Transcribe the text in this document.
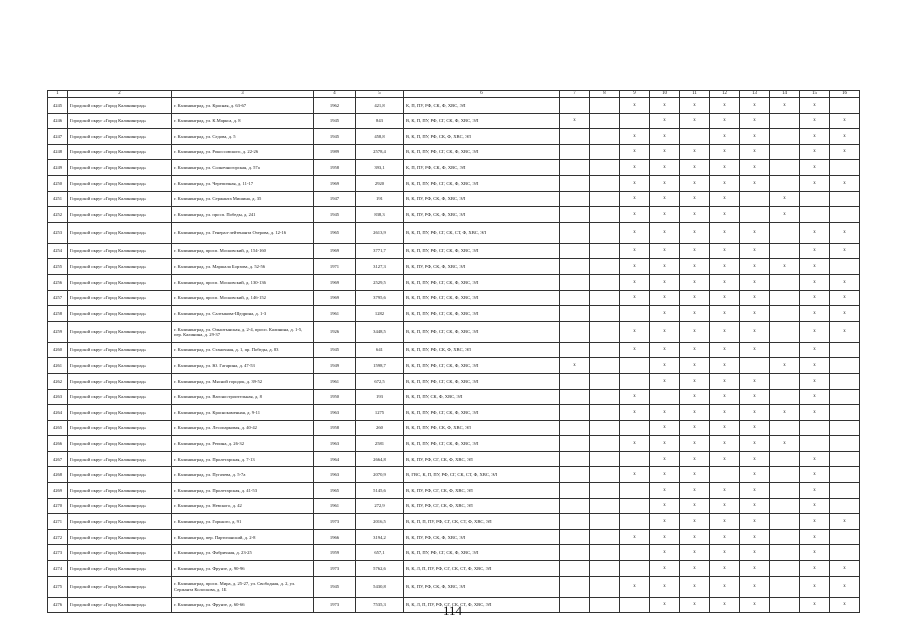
1	2	3	4	5	6	7	8	9	10	11	12	13	14	15	16
4245	Городской округ «Город Калининград»	г. Калининград, ул. Красная, д. 63-67	1962	421,8	К, П, ПУ, РФ, СК, Ф, ХВС, ЭЛ			x	x	x	x	x	x	x	
4246	Городской округ «Город Калининград»	г. Калининград, ул. К.Маркса, д. 8	1945	843	В, К, П, ПУ, РФ, СГ, СК, Ф, ХВС, ЭЛ	x			x	x	x	x		x	x
4247	Городской округ «Город Калининград»	г. Калининград, ул. Седова, д. 5	1945	458,8	В, К, П, ПУ, РФ, СК, Ф, ХВС, ЭЛ			x	x		x	x		x	x
4248	Городской округ «Город Калининград»	г. Калининград, ул. Рокоссовского, д. 22-26	1989	2578,4	В, К, П, ПУ, РФ, СГ, СК, Ф, ХВС, ЭЛ			x	x	x	x	x		x	x
4249	Городской округ «Город Калининград»	г. Калининград, ул. Солнечногорская, д. 57а	1958	393,1	К, П, ПУ, РФ, СК, Ф, ХВС, ЭЛ			x	x	x	x	x		x	
4250	Городской округ «Город Калининград»	г. Калининград, ул. Черепичная, д. 11-17	1969	2920	В, К, П, ПУ, РФ, СГ, СК, Ф, ХВС, ЭЛ			x	x	x	x	x		x	x
4251	Городской округ «Город Калининград»	г. Калининград, ул. Сержанта Мишина, д. 35	1947	191	В, К, ПУ, РФ, СК, Ф, ХВС, ЭЛ			x	x	x	x		x		
4252	Городской округ «Город Калининград»	г. Калининград, ул. просп. Победы, д. 241	1945	838,3	В, К, ПУ, РФ, СК, Ф, ХВС, ЭЛ			x	x	x	x		x		
4253	Городской округ «Город Калининград»	г. Калининград, ул. Генерал-лейтенанта Озерова, д. 12-16	1965	2613,9	В, К, П, ПУ, РФ, СГ, СК, СТ, Ф, ХВС, ЭЛ			x	x	x	x	x		x	x
4254	Городской округ «Город Калининград»	г. Калининград, просп. Московский, д. 154-160	1969	3771,7	В, К, П, ПУ, РФ, СГ, СК, Ф, ХВС, ЭЛ			x	x	x	x	x		x	x
4255	Городской округ «Город Калининград»	г. Калининград, ул. Маршала Борзова, д. 52-56	1971	3127,3	В, К, ПУ, РФ, СК, Ф, ХВС, ЭЛ			x	x	x	x	x	x	x	
4256	Городской округ «Город Калининград»	г. Калининград, просп. Московский, д. 130-136	1969	2529,5	В, К, П, ПУ, РФ, СГ, СК, Ф, ХВС, ЭЛ			x	x	x	x	x		x	x
4257	Городской округ «Город Калининград»	г. Калининград, просп. Московский, д. 146-152	1969	3795,6	В, К, П, ПУ, РФ, СГ, СК, Ф, ХВС, ЭЛ			x	x	x	x	x		x	x
4258	Городской округ «Город Калининград»	г. Калининград, ул. Салтыкова-Щедрина, д. 1-3	1961	1282	В, К, П, ПУ, РФ, СГ, СК, Ф, ХВС, ЭЛ				x	x	x	x		x	x
4259	Городской округ «Город Калининград»	г. Калининград, ул. Ольштынская, д. 2-4, просп. Калинина, д. 1-5, пер. Калинина, д. 29-37	1926	3448,5	В, К, П, ПУ, РФ, СГ, СК, Ф, ХВС, ЭЛ			x	x	x	x	x		x	x
4260	Городской округ «Город Калининград»	г. Калининград, ул. Станочная, д. 1, пр. Победы, д. 83	1945	641	В, К, П, ПУ, РФ, СК, Ф, ХВС, ЭЛ			x	x	x	x	x		x	
4261	Городской округ «Город Калининград»	г. Калининград, ул. Ю. Гагарина, д. 47-53	1949	1598,7	В, К, П, ПУ, РФ, СГ, СК, Ф, ХВС, ЭЛ	x			x	x	x		x	x	
4262	Городской округ «Город Калининград»	г. Калининград, ул. Мясной городок, д. 39-52	1961	672,5	В, К, П, ПУ, РФ, СГ, СК, Ф, ХВС, ЭЛ				x	x	x	x		x	
4263	Городской округ «Город Калининград»	г. Калининград, ул. Вагоностроительная, д. 8	1950	193	В, К, П, ПУ, СК, Ф, ХВС, ЭЛ			x		x	x	x		x	
4264	Городской округ «Город Калининград»	г. Калининград, ул. Краснокаменная, д. 9-11	1963	1275	В, К, П, ПУ, РФ, СГ, СК, Ф, ХВС, ЭЛ			x	x	x	x	x	x	x	
4265	Городской округ «Город Калининград»	г. Калининград, ул. Лесопарковая, д. 40-42	1958	260	В, К, П, ПУ, РФ, СК, Ф, ХВС, ЭЛ				x	x	x	x			
4266	Городской округ «Город Калининград»	г. Калининград, ул. Репина, д. 26-32	1963	2581	В, К, П, ПУ, РФ, СГ, СК, Ф, ХВС, ЭЛ			x	x	x	x	x	x		
4267	Городской округ «Город Калининград»	г. Калининград, ул. Пролетарская, д. 7-13	1964	2664,8	В, К, ПУ, РФ, СГ, СК, Ф, ХВС, ЭЛ				x	x	x	x		x	
4268	Городской округ «Город Калининград»	г. Калининград, ул. Пугачева, д. 5-7а	1963	2070,9	В, ГВС, К, П, ПУ, РФ, СГ, СК, СТ, Ф, ХВС, ЭЛ			x	x	x		x		x	
4269	Городской округ «Город Калининград»	г. Калининград, ул. Пролетарская, д. 41-53	1965	5145,6	В, К, ПУ, РФ, СГ, СК, Ф, ХВС, ЭЛ				x	x	x	x		x	
4270	Городской округ «Город Калининград»	г. Калининград, ул. Невского, д. 42	1961	272,9	В, К, ПУ, РФ, СГ, СК, Ф, ХВС, ЭЛ				x	x	x	x		x	
4271	Городской округ «Город Калининград»	г. Калининград, ул. Горького, д. 91	1973	2016,5	В, К, П, П, ПУ, РФ, СГ, СК, СТ, Ф, ХВС, ЭЛ				x	x	x	x		x	x
4272	Городской округ «Город Калининград»	г. Калининград, пер. Партизанский, д. 2-8	1966	3194,2	В, К, ПУ, РФ, СК, Ф, ХВС, ЭЛ			x	x	x	x	x		x	
4273	Городской округ «Город Калининград»	г. Калининград, ул. Фабричная, д. 23-25	1959	657,1	В, К, П, ПУ, РФ, СГ, СК, Ф, ХВС, ЭЛ				x	x	x	x		x	
4274	Городской округ «Город Калининград»	г. Калининград, ул. Фрунзе, д. 90-96	1973	5762,6	В, К, Л, П, ПУ, РФ, СГ, СК, СТ, Ф, ХВС, ЭЛ				x	x	x	x		x	x
4275	Городской округ «Город Калининград»	г. Калининград, просп. Мира, д. 25-27, ул. Свободная, д. 2, ул. Сержанта Колоскова, д. 1Б	1945	5430,8	В, К, ПУ, РФ, СК, Ф, ХВС, ЭЛ			x	x	x	x	x		x	x
4276	Городской округ «Город Калининград»	г. Калининград, ул. Фрунзе, д. 60-66	1973	7535,3	В, К, Л, П, ПУ, РФ, СГ, СК, СТ, Ф, ХВС, ЭЛ				x	x	x	x		x	x
114
